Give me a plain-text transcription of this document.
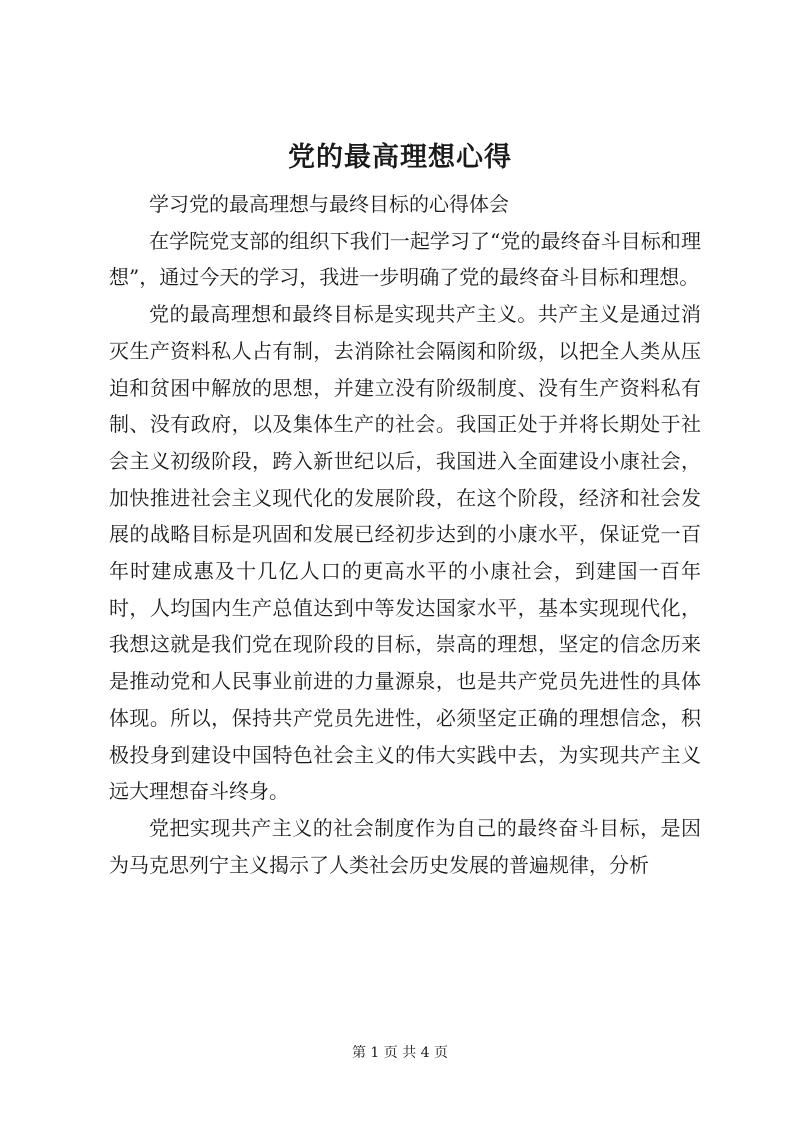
党的最高理想心得

学习党的最高理想与最终目标的心得体会

在学院党支部的组织下我们一起学习了“党的最终奋斗目标和理想”，通过今天的学习，我进一步明确了党的最终奋斗目标和理想。

党的最高理想和最终目标是实现共产主义。共产主义是通过消灭生产资料私人占有制，去消除社会隔阂和阶级，以把全人类从压迫和贫困中解放的思想，并建立没有阶级制度、没有生产资料私有制、没有政府，以及集体生产的社会。我国正处于并将长期处于社会主义初级阶段，跨入新世纪以后，我国进入全面建设小康社会，加快推进社会主义现代化的发展阶段，在这个阶段，经济和社会发展的战略目标是巩固和发展已经初步达到的小康水平，保证党一百年时建成惠及十几亿人口的更高水平的小康社会，到建国一百年时，人均国内生产总值达到中等发达国家水平，基本实现现代化，我想这就是我们党在现阶段的目标，崇高的理想，坚定的信念历来是推动党和人民事业前进的力量源泉，也是共产党员先进性的具体体现。所以，保持共产党员先进性，必须坚定正确的理想信念，积极投身到建设中国特色社会主义的伟大实践中去，为实现共产主义远大理想奋斗终身。

党把实现共产主义的社会制度作为自己的最终奋斗目标，是因为马克思列宁主义揭示了人类社会历史发展的普遍规律，分析

第 1 页 共 4 页
